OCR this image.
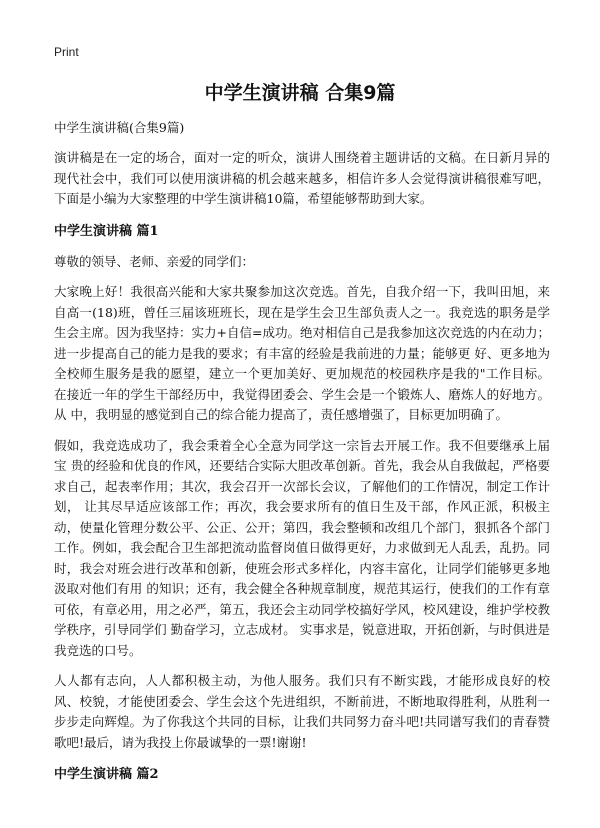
Print
中学生演讲稿 合集9篇

中学生演讲稿(合集9篇)

演讲稿是在一定的场合，面对一定的听众，演讲人围绕着主题讲话的文稿。在日新月异的现代社会中，我们可以使用演讲稿的机会越来越多，相信许多人会觉得演讲稿很难写吧，下面是小编为大家整理的中学生演讲稿10篇，希望能够帮助到大家。

中学生演讲稿 篇1

尊敬的领导、老师、亲爱的同学们：

大家晚上好！我很高兴能和大家共聚参加这次竞选。首先，自我介绍一下，我叫田旭，来自高一(18)班，曾任三届该班班长，现在是学生会卫生部负责人之一。我竞选的职务是学生会主席。因为我坚持：实力+自信=成功。绝对相信自己是我参加这次竞选的内在动力；进一步提高自己的能力是我的要求；有丰富的经验是我前进的力量；能够更 好、更多地为全校师生服务是我的愿望，建立一个更加美好、更加规范的校园秩序是我的"工作目标。 在接近一年的学生干部经历中，我觉得团委会、学生会是一个锻炼人、磨炼人的好地方。从 中，我明显的感觉到自己的综合能力提高了，责任感增强了，目标更加明确了。

假如，我竞选成功了，我会秉着全心全意为同学这一宗旨去开展工作。我不但要继承上届宝 贵的经验和优良的作风，还要结合实际大胆改革创新。首先，我会从自我做起，严格要求自己，起表率作用；其次，我会召开一次部长会议，了解他们的工作情况，制定工作计划， 让其尽早适应该部工作；再次，我会要求所有的值日生及干部，作风正派，积极主动，使量化管理分数公平、公正、公开；第四，我会整顿和改组几个部门，狠抓各个部门工作。例如，我会配合卫生部把流动监督岗值日做得更好，力求做到无人乱丢，乱扔。同时，我会对班会进行改革和创新，使班会形式多样化，内容丰富化，让同学们能够更多地汲取对他们有用 的知识；还有，我会健全各种规章制度，规范其运行，使我们的工作有章可依，有章必用，用之必严，第五，我还会主动同学校搞好学风，校风建设，维护学校教学秩序，引导同学们 勤奋学习，立志成材。 实事求是，锐意进取，开拓创新，与时俱进是我竞选的口号。

人人都有志向，人人都积极主动，为他人服务。我们只有不断实践，才能形成良好的校风、校貌，才能使团委会、学生会这个先进组织，不断前进，不断地取得胜利，从胜利一步步走向辉煌。为了你我这个共同的目标，让我们共同努力奋斗吧!共同谱写我们的青春赞歌吧!最后，请为我投上你最诚挚的一票!谢谢!

中学生演讲稿 篇2
